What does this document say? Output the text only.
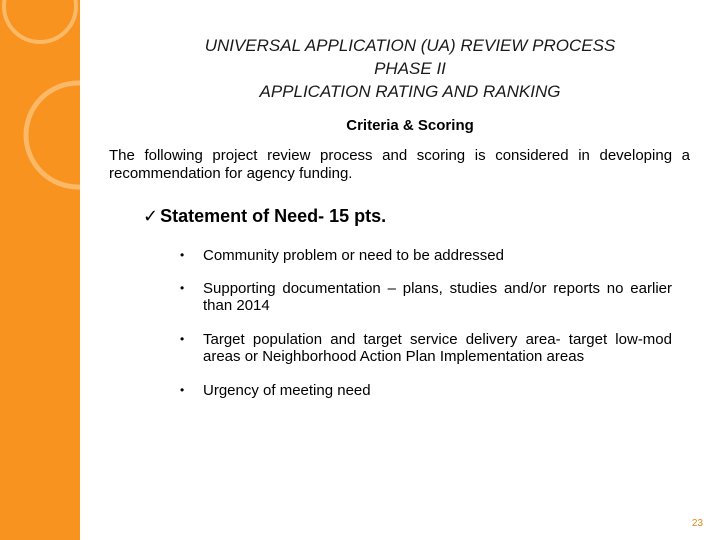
UNIVERSAL APPLICATION (UA) REVIEW PROCESS
PHASE II
APPLICATION RATING AND RANKING
Criteria & Scoring
The following project review process and scoring is considered in developing a recommendation for agency funding.
✓ Statement of Need- 15 pts.
• Community problem or need to be addressed
• Supporting documentation – plans, studies and/or reports no earlier than 2014
• Target population and target service delivery area- target low-mod areas or Neighborhood Action Plan Implementation areas
• Urgency of meeting need
23
